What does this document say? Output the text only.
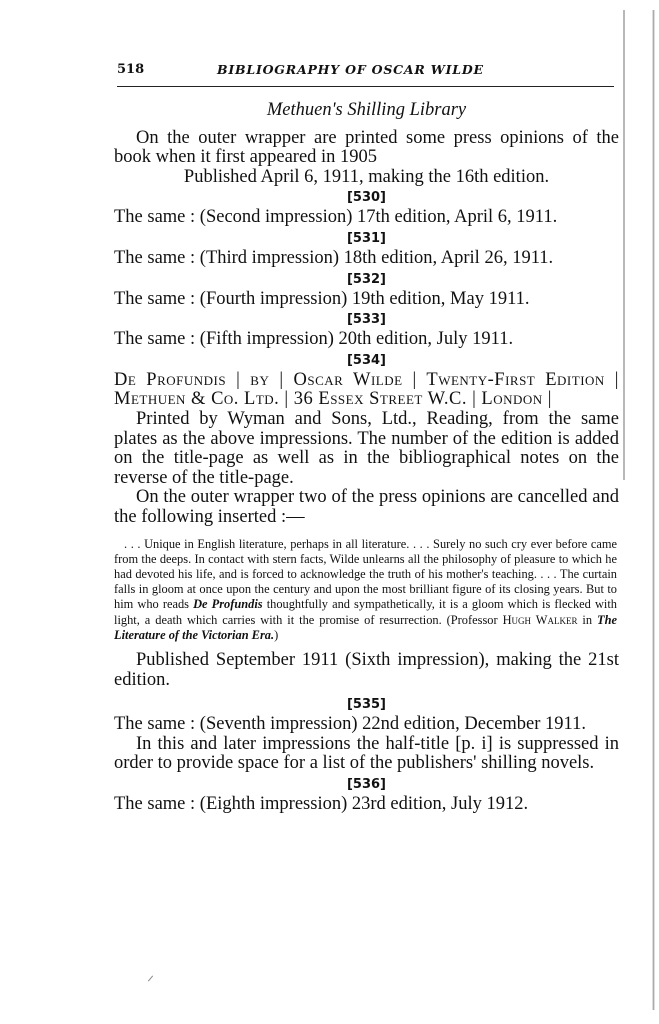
518	BIBLIOGRAPHY OF OSCAR WILDE
Methuen's Shilling Library

On the outer wrapper are printed some press opinions of the book when it first appeared in 1905

Published April 6, 1911, making the 16th edition.

[530]

The same : (Second impression) 17th edition, April 6, 1911.

[531]

The same : (Third impression) 18th edition, April 26, 1911.

[532]

The same : (Fourth impression) 19th edition, May 1911.

[533]

The same : (Fifth impression) 20th edition, July 1911.

[534]

De Profundis | by | Oscar Wilde | Twenty-First Edition | Methuen & Co. Ltd. | 36 Essex Street W.C. | London |

Printed by Wyman and Sons, Ltd., Reading, from the same plates as the above impressions. The number of the edition is added on the title-page as well as in the bibliographical notes on the reverse of the title-page.

On the outer wrapper two of the press opinions are cancelled and the following inserted :—

. . . Unique in English literature, perhaps in all literature. . . . Surely no such cry ever before came from the deeps. In contact with stern facts, Wilde unlearns all the philosophy of pleasure to which he had devoted his life, and is forced to acknowledge the truth of his mother's teaching. . . . The curtain falls in gloom at once upon the century and upon the most brilliant figure of its closing years. But to him who reads De Profundis thoughtfully and sympathetically, it is a gloom which is flecked with light, a death which carries with it the promise of resurrection. (Professor Hugh Walker in The Literature of the Victorian Era.)

Published September 1911 (Sixth impression), making the 21st edition.

[535]

The same : (Seventh impression) 22nd edition, December 1911.

In this and later impressions the half-title [p. i] is suppressed in order to provide space for a list of the publishers' shilling novels.

[536]

The same : (Eighth impression) 23rd edition, July 1912.
